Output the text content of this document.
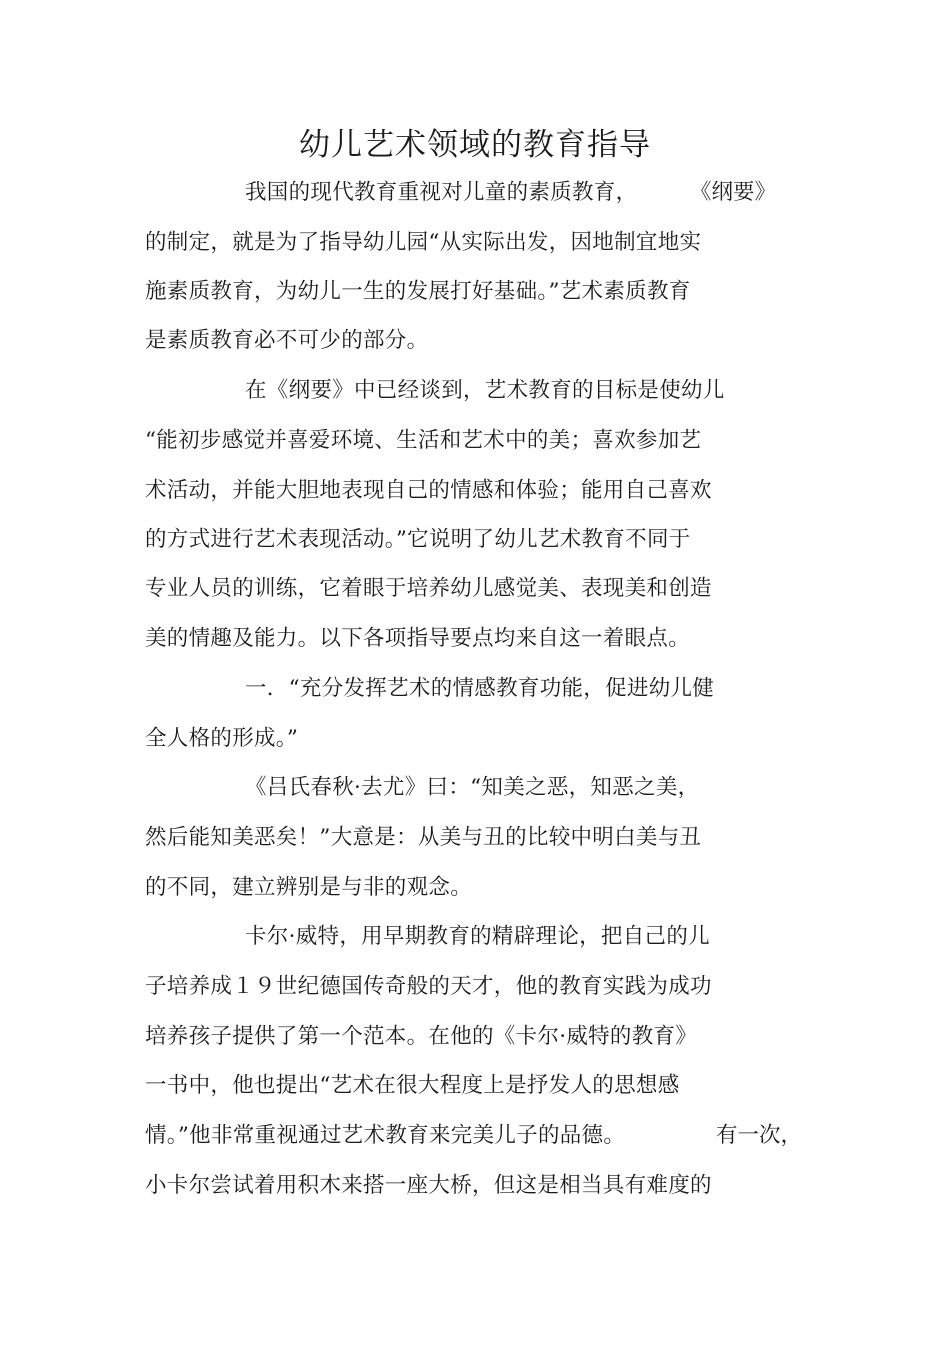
幼儿艺术领域的教育指导
我国的现代教育重视对儿童的素质教育， 《纲要》
的制定，就是为了指导幼儿园“从实际出发，因地制宜地实
施素质教育，为幼儿一生的发展打好基础。”艺术素质教育
是素质教育必不可少的部分。
在《纲要》中已经谈到，艺术教育的目标是使幼儿
“能初步感觉并喜爱环境、生活和艺术中的美；喜欢参加艺
术活动，并能大胆地表现自己的情感和体验；能用自己喜欢
的方式进行艺术表现活动。”它说明了幼儿艺术教育不同于
专业人员的训练，它着眼于培养幼儿感觉美、表现美和创造
美的情趣及能力。以下各项指导要点均来自这一着眼点。
一．“充分发挥艺术的情感教育功能，促进幼儿健
全人格的形成。”
《吕氏春秋·去尤》曰：“知美之恶，知恶之美，
然后能知美恶矣！”大意是：从美与丑的比较中明白美与丑
的不同，建立辨别是与非的观念。
卡尔·威特，用早期教育的精辟理论，把自己的儿
子培养成１９世纪德国传奇般的天才，他的教育实践为成功
培养孩子提供了第一个范本。在他的《卡尔·威特的教育》
一书中，他也提出“艺术在很大程度上是抒发人的思想感
情。”他非常重视通过艺术教育来完美儿子的品德。	有一次，
小卡尔尝试着用积木来搭一座大桥，但这是相当具有难度的
